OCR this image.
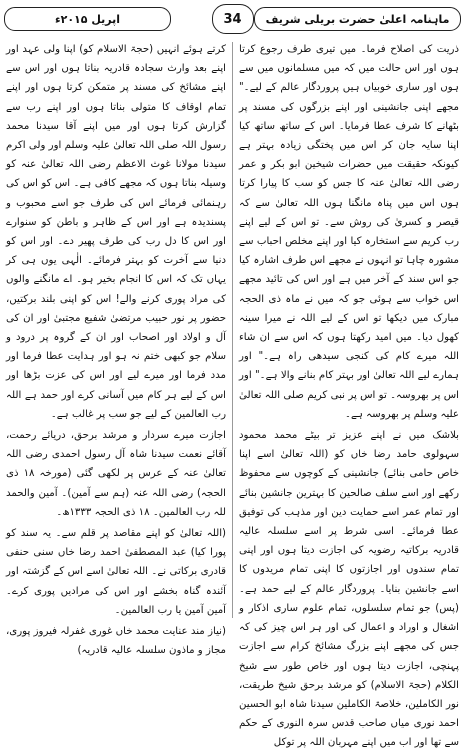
ماہنامہ اعلیٰ حضرت بریلی شریف
34
اپریل ۲۰۱۵ء

ذریت کی اصلاح فرما۔ میں تیری طرف رجوع کرتا ہوں اور اس حالت میں کہ میں مسلمانوں میں سے ہوں اور ساری خوبیاں ہیں پروردگار عالم کے لیے۔" مجھے اپنی جانشینی اور اپنے بزرگوں کی مسند پر بٹھانے کا شرف عطا فرمایا۔ اس کے ساتھ ساتھ کیا اپنا سایہ جان کر اس میں پختگی زیادہ بہتر ہے کیونکہ حقیقت میں حضرات شیخین ابو بکر و عمر رضی اللہ تعالیٰ عنہ کا جس کو سب کا پیارا کرتا ہوں اس میں پناہ مانگنا ہوں اللہ تعالیٰ سے کہ قیصر و کسریٰ کی روش سے۔ تو اس کے لیے اپنے رب کریم سے استخارہ کیا اور اپنے مخلص احباب سے مشورہ چاہا تو انہوں نے مجھے اس طرف اشارہ کیا جو اس سند کے آخر میں ہے اور اس کی تائید مجھے اس خواب سے ہوئی جو کہ میں نے ماہ ذی الحجہ مبارک میں دیکھا تو اس کے لیے اللہ نے میرا سینہ کھول دیا۔ میں امید رکھتا ہوں کہ اس سے ان شاء اللہ میرے کام کی کنجی سیدھی راہ ہے۔" اور ہمارے لیے اللہ تعالیٰ اور بہتر کام بنانے والا ہے۔" اور اس پر بھروسہ۔ تو اس پر نبی کریم صلی اللہ تعالیٰ علیہ وسلم پر بھروسہ ہے۔

بلاشک میں نے اپنے عزیز تر بیٹے محمد محمود سہولوی حامد رضا خاں کو (اللہ تعالیٰ اسے اپنا خاص حامی بنائے) جانشینی کے کوچوں سے محفوظ رکھے اور اسے سلف صالحین کا بہترین جانشین بنائے اور تمام عمر اسے حمایت دین اور مذہب کی توفیق عطا فرمائے۔ اسی شرط پر اسے سلسلہ عالیہ قادریہ برکاتیہ رضویہ کی اجازت دیتا ہوں اور اپنی تمام سندوں اور اجازتوں کا اپنی تمام مریدوں کا اسے جانشین بنایا۔ پروردگار عالم کے لیے حمد ہے۔ (پس) جو تمام سلسلوں، تمام علوم ساری اذکار و اشغال و اوراد و اعمال کی اور ہر اس چیز کی کہ جس کی مجھے اپنے بزرگ مشائخ کرام سے اجازت پہنچی، اجازت دیتا ہوں اور خاص طور سے شیخ الکلام (حجۃ الاسلام) کو مرشد برحق شیخ طریقت، نور الکاملین، خلاصۃ الکاملین سیدنا شاہ ابو الحسین احمد نوری میاں صاحب قدس سرہ النوری کے حکم سے تھا اور اب میں اپنے مہربان اللہ پر توکل

کرتے ہوئے انہیں (حجۃ الاسلام کو) اپنا ولی عہد اور اپنے بعد وارث سجادہ قادریہ بناتا ہوں اور اس سے اپنے مشائخ کی مسند پر متمکن کرتا ہوں اور اپنے تمام اوقاف کا متولی بناتا ہوں اور اپنے رب سے گزارش کرتا ہوں اور میں اپنے آقا سیدنا محمد رسول اللہ صلی اللہ تعالیٰ علیہ وسلم اور ولی اکرم سیدنا مولانا غوث الاعظم رضی اللہ تعالیٰ عنہ کو وسیلہ بناتا ہوں کہ مجھے کافی ہے۔ اس کو اس کی رہنمائی فرمائے اس کی طرف جو اسے محبوب و پسندیدہ ہے اور اس کے ظاہر و باطن کو سنوارے اور اس کا دل رب کی طرف پھیر دے۔ اور اس کو دنیا سے آخرت کو بہتر فرمائے۔ الٰہی یوں ہی کر یہاں تک کہ اس کا انجام بخیر ہو۔ اے مانگنے والوں کی مراد پوری کرنے والے! اس کو اپنی بلند برکتیں، حضور پر نور حبیب مرتضیٰ شفیع مجتبیٰ اور ان کی آل و اولاد اور اصحاب اور ان کے گروہ پر درود و سلام جو کبھی ختم نہ ہو اور ہدایت عطا فرما اور مدد فرما اور میرے لیے اور اس کی عزت بڑھا اور اس کے لیے ہر کام میں آسانی کرے اور حمد ہے اللہ رب العالمین کے لیے جو سب پر غالب ہے۔

اجازت میرے سردار و مرشد برحق، دریائے رحمت، آقائے نعمت سیدنا شاہ آل رسول احمدی رضی اللہ تعالیٰ عنہ کے عرس پر لکھی گئی (مورخہ ۱۸ ذی الحجہ) رضی اللہ عنہ (ہم سے آمین)۔ آمین والحمد للہ رب العالمین۔ ۱۸ ذی الحجہ ۱۳۳۳ھ۔

(اللہ تعالیٰ کو اپنے مقاصد پر قلم سے۔ یہ سند کو پورا کیا) عبد المصطفیٰ احمد رضا خاں سنی حنفی قادری برکاتی نے۔ اللہ تعالیٰ اسے اس کے گزشتہ اور آئندہ گناہ بخشے اور اس کی مرادیں پوری کرے۔ آمین آمین یا رب العالمین۔

(نیاز مند عنایت محمد خاں غوری غفرلہ فیروز پوری، مجاز و ماذون سلسلہ عالیہ قادریہ)
